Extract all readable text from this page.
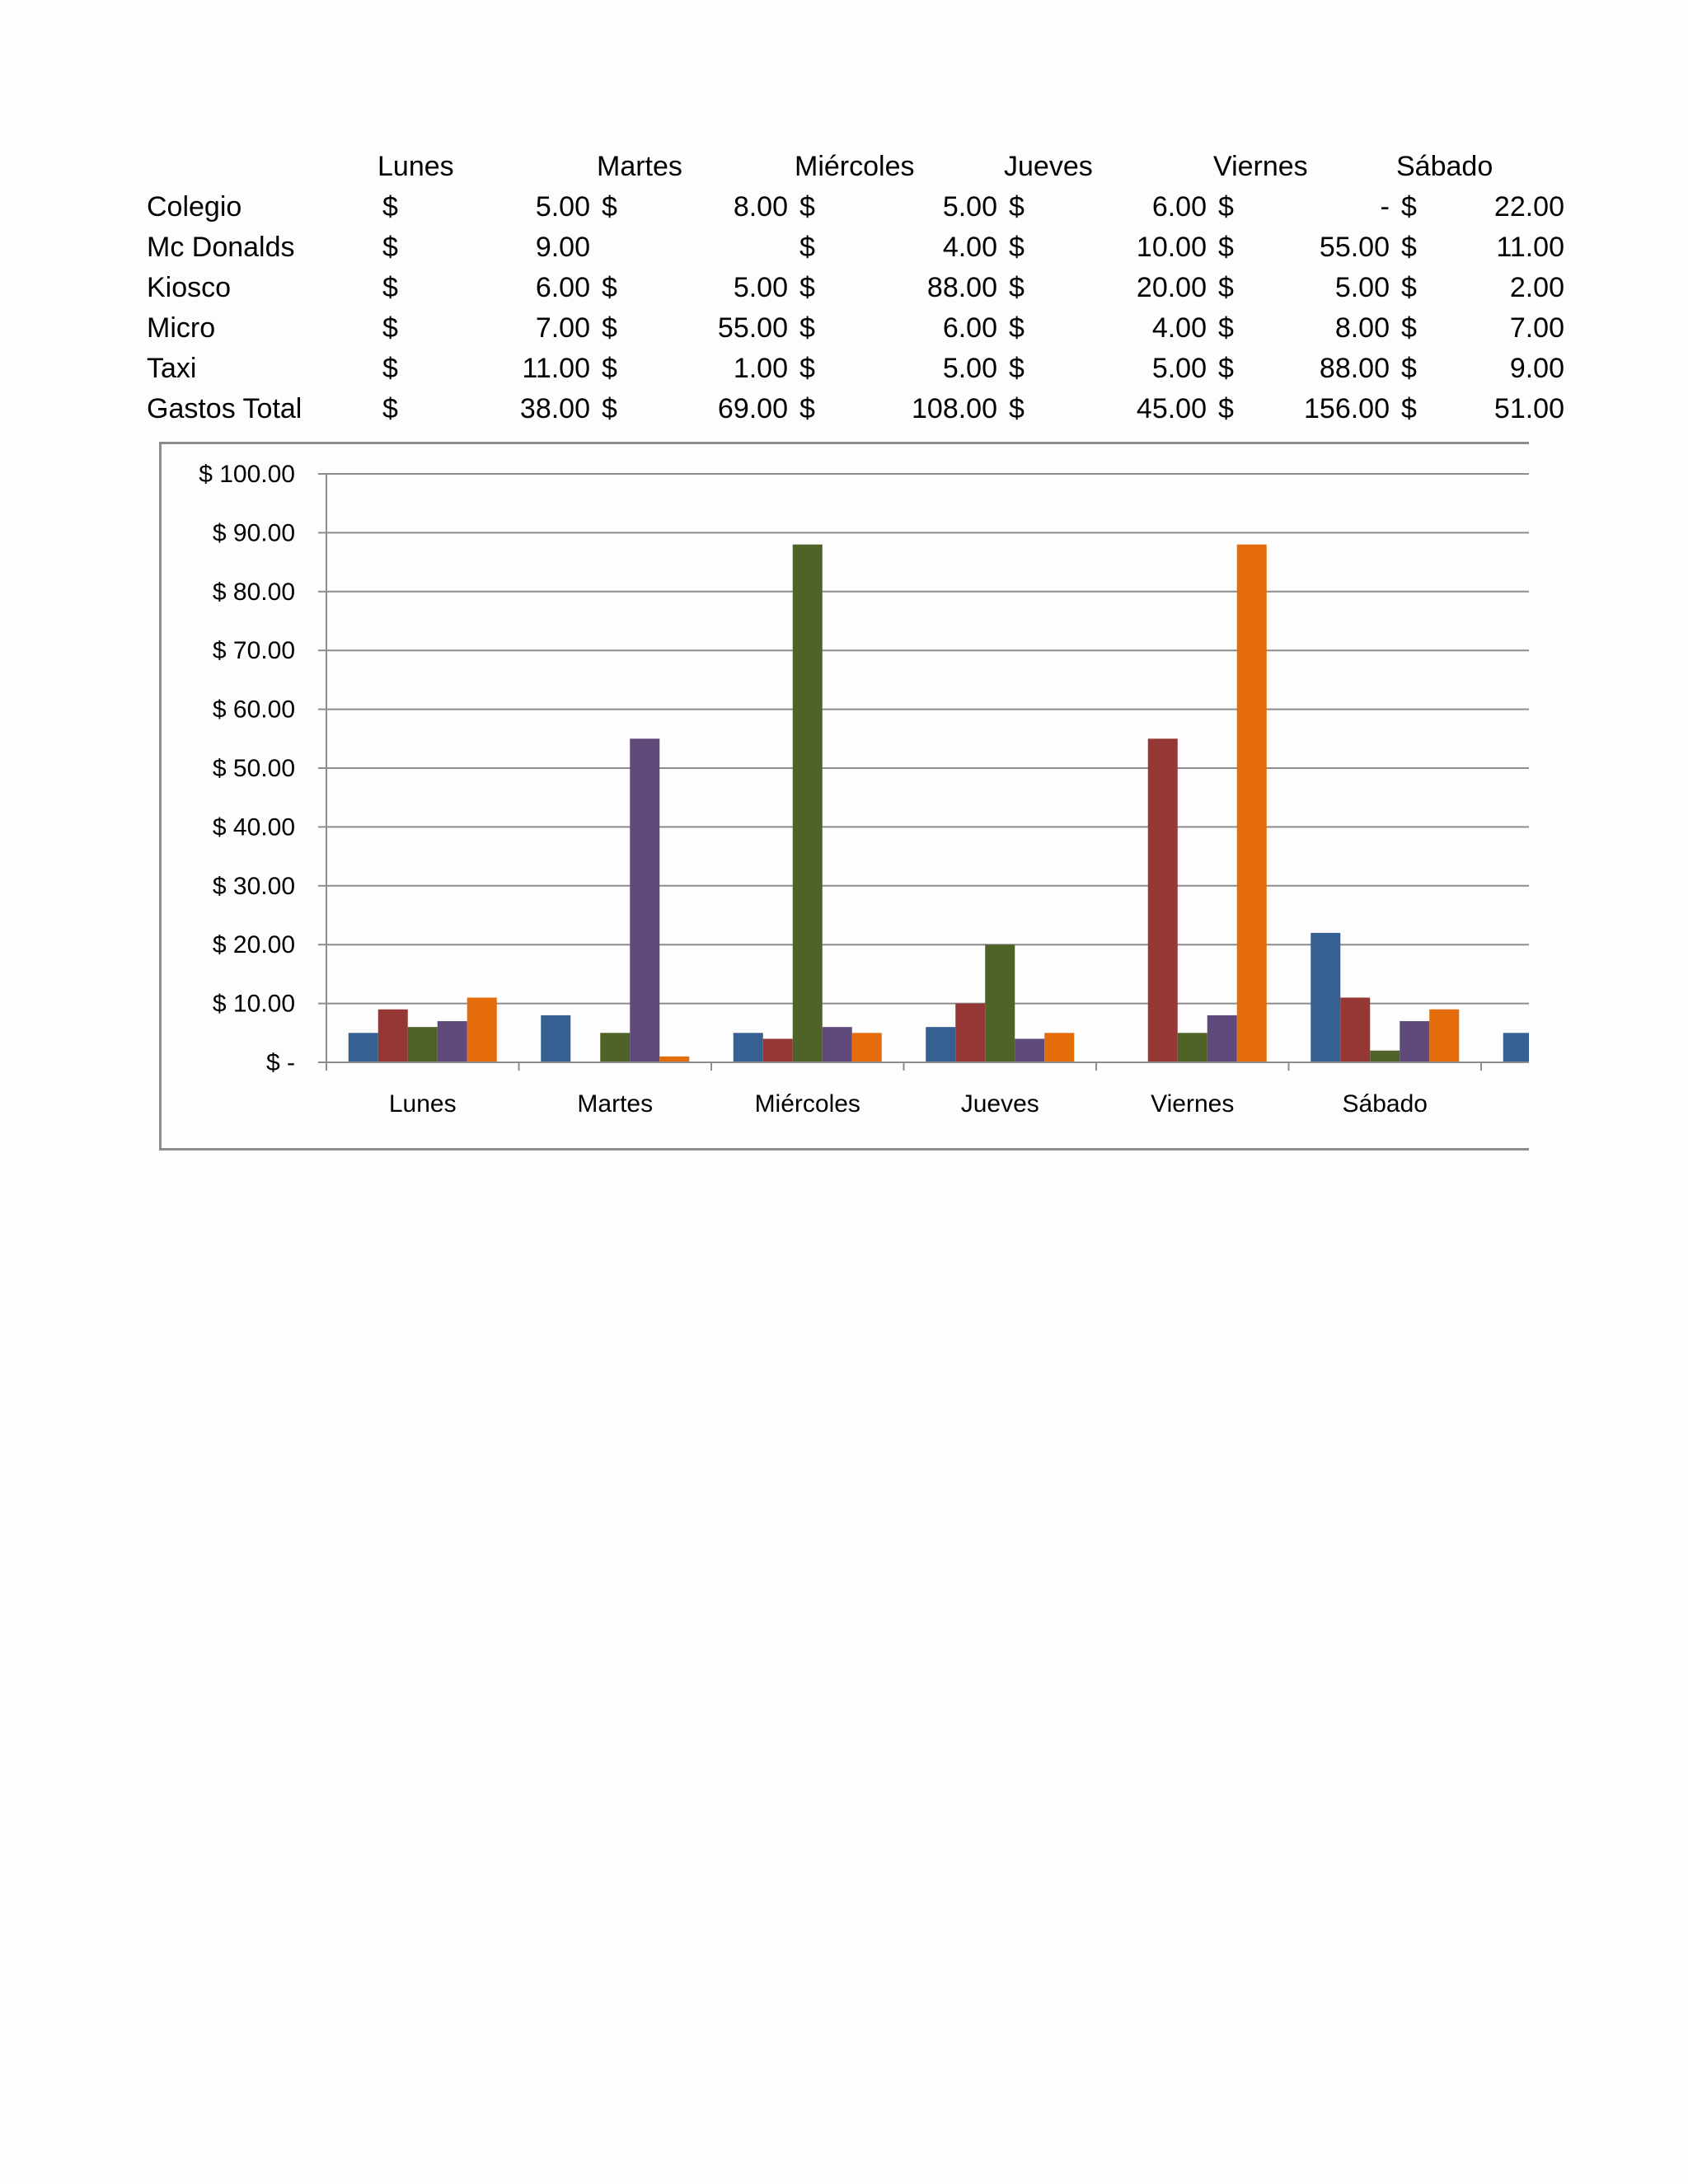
	Lunes		Martes		Miércoles		Jueves		Viernes		Sábado	
Colegio	$	5.00	$	8.00	$	5.00	$	6.00	$	-	$	22.00
Mc Donalds	$	9.00			$	4.00	$	10.00	$	55.00	$	11.00
Kiosco	$	6.00	$	5.00	$	88.00	$	20.00	$	5.00	$	2.00
Micro	$	7.00	$	55.00	$	6.00	$	4.00	$	8.00	$	7.00
Taxi	$	11.00	$	1.00	$	5.00	$	5.00	$	88.00	$	9.00
Gastos Total	$	38.00	$	69.00	$	108.00	$	45.00	$	156.00	$	51.00
$ -
$ 10.00
$ 20.00
$ 30.00
$ 40.00
$ 50.00
$ 60.00
$ 70.00
$ 80.00
$ 90.00
$ 100.00
Lunes	Martes	Miércoles	Jueves	Viernes	Sábado
